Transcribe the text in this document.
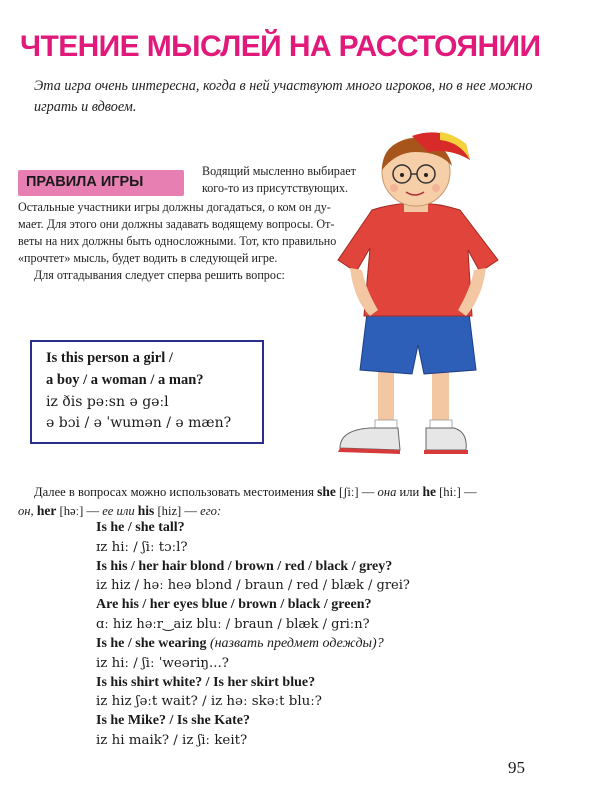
ЧТЕНИЕ МЫСЛЕЙ НА РАССТОЯНИИ
Эта игра очень интересна, когда в ней участвуют много игроков, но в нее можно играть и вдвоем.
ПРАВИЛА ИГРЫ
Водящий мысленно выбирает
кого-то из присутствующих.
Остальные участники игры должны догадаться, о ком он ду-
мает. Для этого они должны задавать водящему вопросы. От-
веты на них должны быть односложными. Тот, кто правильно
«прочтет» мысль, будет водить в следующей игре.
Для отгадывания следует сперва решить вопрос:
Is this person a girl /
a boy / a woman / a man?
iz ðis pəːsn ə gəːl
ə bɔi / ə ˈwumən / ə mæn?
Далее в вопросах можно использовать местоимения she [ʃiː] — она или he [hiː] —
он, her [həː] — ее или his [hiz] — его:
Is he / she tall?
ɪz hiː / ʃiː tɔːl?
Is his / her hair blond / brown / red / black / grey?
iz hiz / həː heə blɔnd / braun / red / blæk / grei?
Are his / her eyes blue / brown / black / green?
ɑː hiz həːr‿aiz bluː / braun / blæk / griːn?
Is he / she wearing (назвать предмет одежды)?
iz hiː / ʃiː ˈweəriŋ...?
Is his shirt white? / Is her skirt blue?
iz hiz ʃəːt wait? / iz həː skəːt bluː?
Is he Mike? / Is she Kate?
iz hi maik? / iz ʃiː keit?
95
